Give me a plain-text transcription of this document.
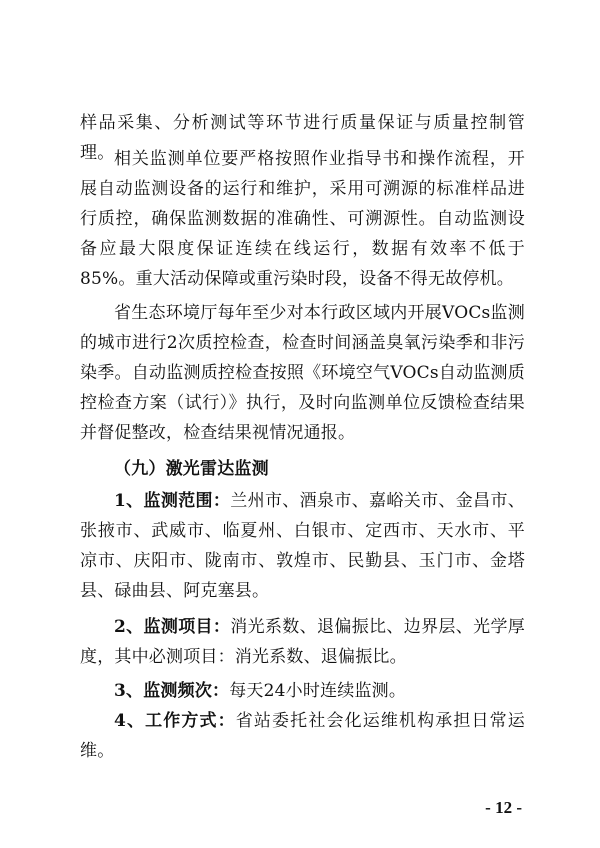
样品采集、分析测试等环节进行质量保证与质量控制管理。 相关监测单位要严格按照作业指导书和操作流程，开展自动监测设备的运行和维护，采用可溯源的标准样品进行质控，确保监测数据的准确性、可溯源性。自动监测设备应最大限度保证连续在线运行，数据有效率不低于85%。重大活动保障或重污染时段，设备不得无故停机。
省生态环境厅每年至少对本行政区域内开展VOCs监测的城市进行2次质控检查，检查时间涵盖臭氧污染季和非污染季。自动监测质控检查按照《环境空气VOCs自动监测质控检查方案（试行）》执行，及时向监测单位反馈检查结果并督促整改，检查结果视情况通报。
（九）激光雷达监测
1、监测范围：兰州市、酒泉市、嘉峪关市、金昌市、张掖市、武威市、临夏州、白银市、定西市、天水市、平凉市、庆阳市、陇南市、敦煌市、民勤县、玉门市、金塔县、碌曲县、阿克塞县。
2、监测项目：消光系数、退偏振比、边界层、光学厚度，其中必测项目：消光系数、退偏振比。
3、监测频次：每天24小时连续监测。
4、工作方式：省站委托社会化运维机构承担日常运维。
- 12 -
